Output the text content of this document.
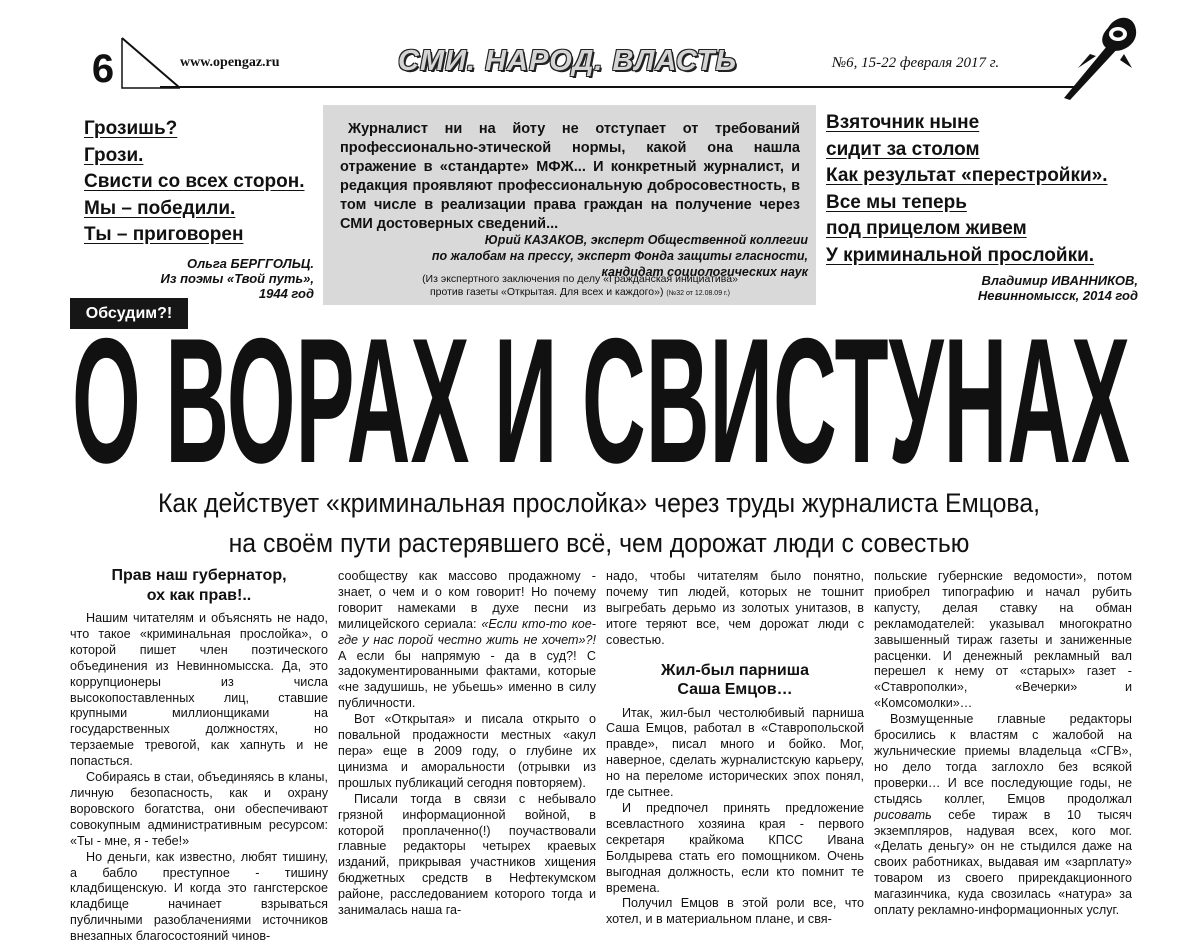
6	www.opengaz.ru	СМИ. НАРОД. ВЛАСТЬ	№6, 15-22 февраля 2017 г.
Грозишь?
Грози.
Свисти со всех сторон.
Мы – победили.
Ты – приговорен
Ольга БЕРГГОЛЬЦ.
Из поэмы «Твой путь»,
1944 год
Журналист ни на йоту не отступает от требований профессионально-этической нормы, какой она нашла отражение в «стандарте» МФЖ... И конкретный журналист, и редакция проявляют профессиональную добросовестность, в том числе в реализации права граждан на получение через СМИ достоверных сведений...
Юрий КАЗАКОВ, эксперт Общественной коллегии
по жалобам на прессу, эксперт Фонда защиты гласности,
кандидат социологических наук
(Из экспертного заключения по делу «Гражданская инициатива»
против газеты «Открытая. Для всех и каждого») (№32 от 12.08.09 г.)
Взяточник ныне
сидит за столом
Как результат «перестройки».
Все мы теперь
под прицелом живем
У криминальной прослойки.
Владимир ИВАННИКОВ,
Невинномысск, 2014 год
Обсудим?!
О ВОРАХ И СВИСТУНАХ
Как действует «криминальная прослойка» через труды журналиста Емцова,
на своём пути растерявшего всё, чем дорожат люди с совестью
Прав наш губернатор,
ох как прав!..

Нашим читателям и объяснять не надо, что такое «криминальная прослойка», о которой пишет член поэтического объединения из Невинномысска. Да, это коррупционеры из числа высокопоставленных лиц, ставшие крупными миллионщиками на государственных должностях, но терзаемые тревогой, как хапнуть и не попасться.

Собираясь в стаи, объединяясь в кланы, личную безопасность, как и охрану воровского богатства, они обеспечивают совокупным административным ресурсом: «Ты - мне, я - тебе!»

Но деньги, как известно, любят тишину, а бабло преступное - тишину кладбищенскую. И когда это гангстерское кладбище начинает взрываться публичными разоблачениями источников внезапных благосостояний чинов-

сообществу как массово продажному - знает, о чем и о ком говорит! Но почему говорит намеками в духе песни из милицейского сериала: «Если кто-то кое-где у нас порой честно жить не хочет»?! А если бы напрямую - да в суд?! С задокументированными фактами, которые «не задушишь, не убьешь» именно в силу публичности.

Вот «Открытая» и писала открыто о повальной продажности местных «акул пера» еще в 2009 году, о глубине их цинизма и аморальности (отрывки из прошлых публикаций сегодня повторяем).

Писали тогда в связи с небывало грязной информационной войной, в которой проплаченно(!) поучаствовали главные редакторы четырех краевых изданий, прикрывая участников хищения бюджетных средств в Нефтекумском районе, расследованием которого тогда и занималась наша га-

надо, чтобы читателям было понятно, почему тип людей, которых не тошнит выгребать дерьмо из золотых унитазов, в итоге теряют все, чем дорожат люди с совестью.

Жил-был парниша
Саша Емцов…

Итак, жил-был честолюбивый парниша Саша Емцов, работал в «Ставропольской правде», писал много и бойко. Мог, наверное, сделать журналистскую карьеру, но на переломе исторических эпох понял, где сытнее.

И предпочел принять предложение всевластного хозяина края - первого секретаря крайкома КПСС Ивана Болдырева стать его помощником. Очень выгодная должность, если кто помнит те времена.

Получил Емцов в этой роли все, что хотел, и в материальном плане, и свя-

польские губернские ведомости», потом приобрел типографию и начал рубить капусту, делая ставку на обман рекламодателей: указывал многократно завышенный тираж газеты и заниженные расценки. И денежный рекламный вал перешел к нему от «старых» газет - «Ставрополки», «Вечерки» и «Комсомолки»…

Возмущенные главные редакторы бросились к властям с жалобой на жульнические приемы владельца «СГВ», но дело тогда заглохло без всякой проверки… И все последующие годы, не стыдясь коллег, Емцов продолжал рисовать себе тираж в 10 тысяч экземпляров, надувая всех, кого мог. «Делать деньгу» он не стыдился даже на своих работниках, выдавая им «зарплату» товаром из своего прирекдакционного магазинчика, куда свозилась «натура» за оплату рекламно-информационных услуг.
